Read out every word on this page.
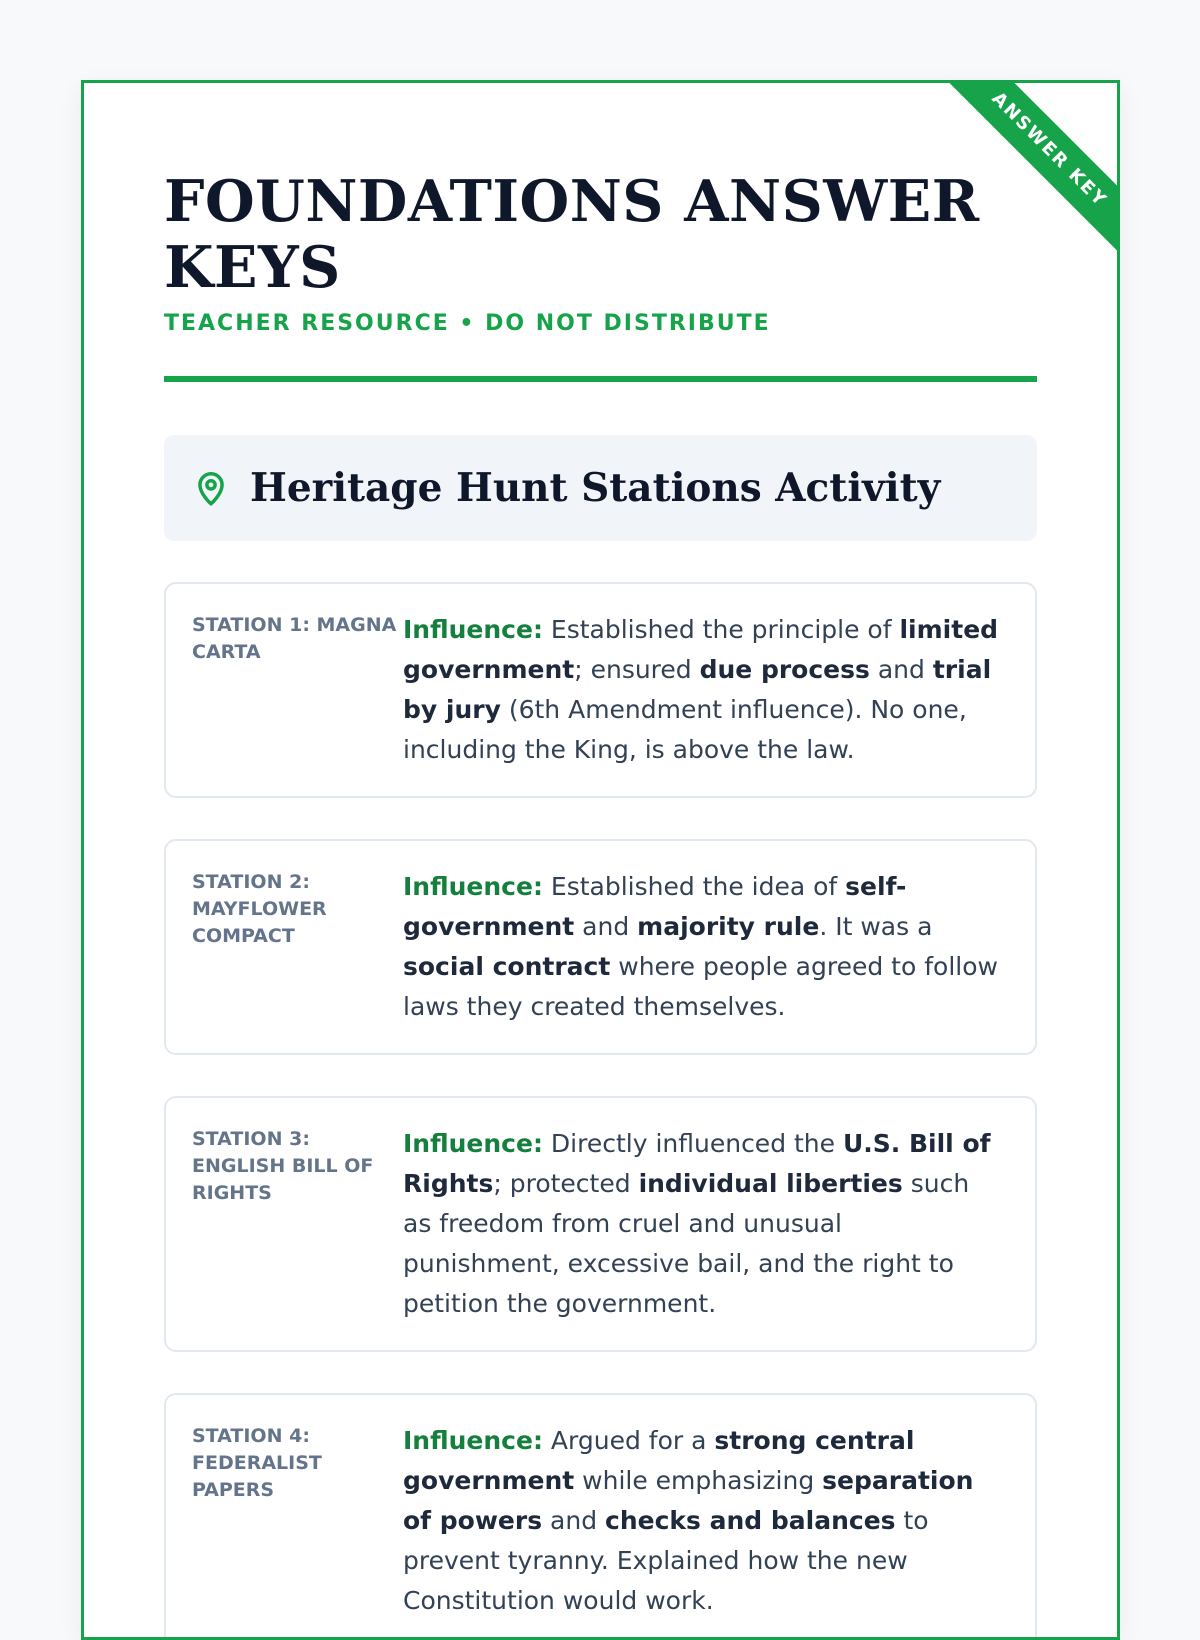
ANSWER KEY
FOUNDATIONS ANSWER KEYS
TEACHER RESOURCE • DO NOT DISTRIBUTE
Heritage Hunt Stations Activity
STATION 1: MAGNA CARTA
Influence: Established the principle of limited government; ensured due process and trial by jury (6th Amendment influence). No one, including the King, is above the law.
STATION 2: MAYFLOWER COMPACT
Influence: Established the idea of self-government and majority rule. It was a social contract where people agreed to follow laws they created themselves.
STATION 3: ENGLISH BILL OF RIGHTS
Influence: Directly influenced the U.S. Bill of Rights; protected individual liberties such as freedom from cruel and unusual punishment, excessive bail, and the right to petition the government.
STATION 4: FEDERALIST PAPERS
Influence: Argued for a strong central government while emphasizing separation of powers and checks and balances to prevent tyranny. Explained how the new Constitution would work.
